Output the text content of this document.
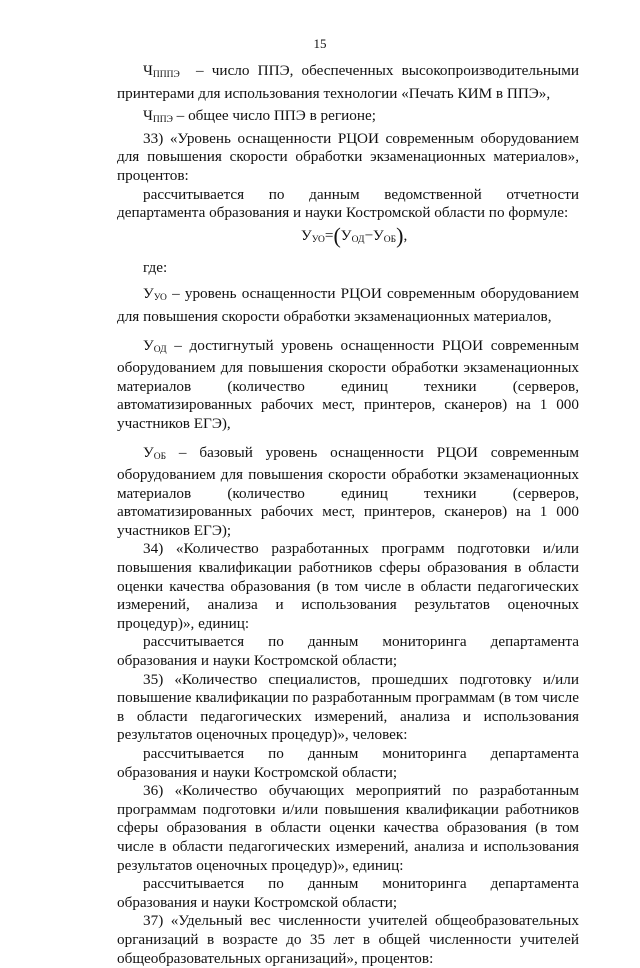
15

$Ч_{ПППЭ}$ – число ППЭ, обеспеченных высокопроизводительными принтерами для использования технологии «Печать КИМ в ППЭ»,

$Ч_{ППЭ}$ – общее число ППЭ в регионе;

33) «Уровень оснащенности РЦОИ современным оборудованием для повышения скорости обработки экзаменационных материалов», процентов:

рассчитывается по данным ведомственной отчетности департамента образования и науки Костромской области по формуле:

$У_{УО}=(У_{ОД}-У_{ОБ})$,

где:

$У_{УО}$ – уровень оснащенности РЦОИ современным оборудованием для повышения скорости обработки экзаменационных материалов,

$У_{ОД}$ – достигнутый уровень оснащенности РЦОИ современным оборудованием для повышения скорости обработки экзаменационных материалов (количество единиц техники (серверов, автоматизированных рабочих мест, принтеров, сканеров) на 1 000 участников ЕГЭ),

$У_{ОБ}$ – базовый уровень оснащенности РЦОИ современным оборудованием для повышения скорости обработки экзаменационных материалов (количество единиц техники (серверов, автоматизированных рабочих мест, принтеров, сканеров) на 1 000 участников ЕГЭ);

34) «Количество разработанных программ подготовки и/или повышения квалификации работников сферы образования в области оценки качества образования (в том числе в области педагогических измерений, анализа и использования результатов оценочных процедур)», единиц:

рассчитывается по данным мониторинга департамента образования и науки Костромской области;

35) «Количество специалистов, прошедших подготовку и/или повышение квалификации по разработанным программам (в том числе в области педагогических измерений, анализа и использования результатов оценочных процедур)», человек:

рассчитывается по данным мониторинга департамента образования и науки Костромской области;

36) «Количество обучающих мероприятий по разработанным программам подготовки и/или повышения квалификации работников сферы образования в области оценки качества образования (в том числе в области педагогических измерений, анализа и использования результатов оценочных процедур)», единиц:

рассчитывается по данным мониторинга департамента образования и науки Костромской области;

37) «Удельный вес численности учителей общеобразовательных организаций в возрасте до 35 лет в общей численности учителей общеобразовательных организаций», процентов:
